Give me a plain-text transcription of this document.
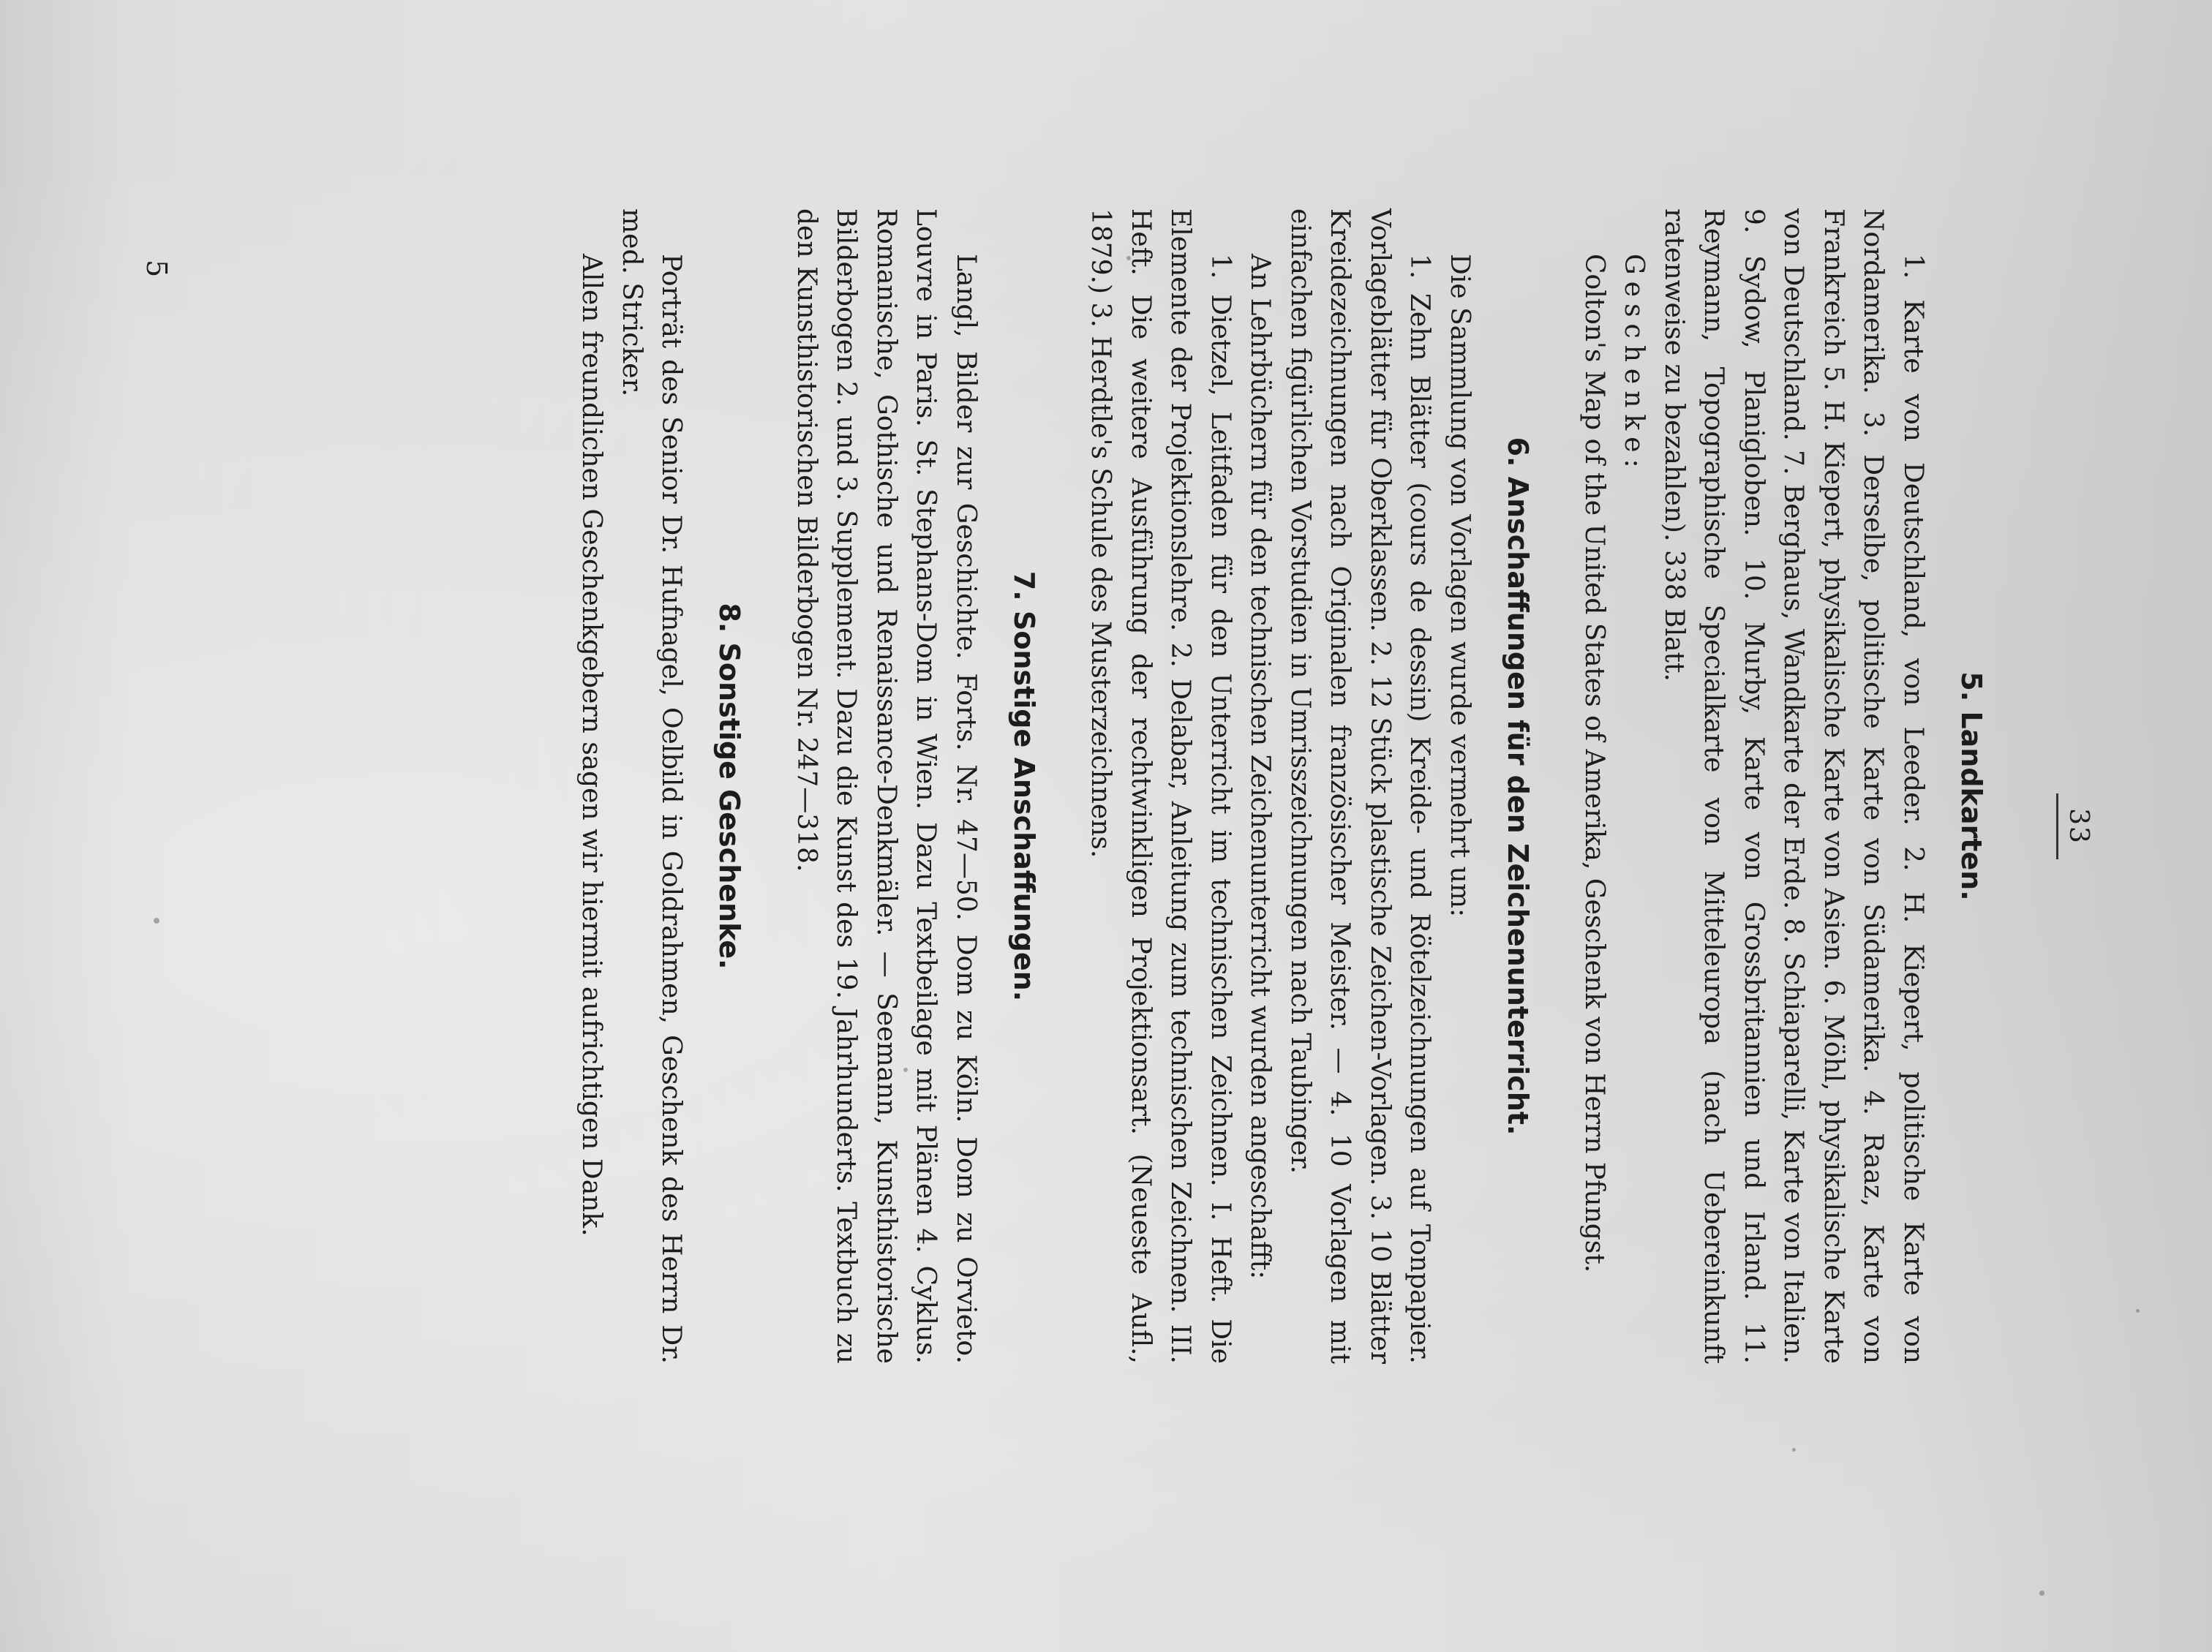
33
5. Landkarten.

1. Karte von Deutschland, von Leeder. 2. H. Kiepert, politische Karte von Nordamerika. 3. Derselbe, politische Karte von Südamerika. 4. Raaz, Karte von Frankreich 5. H. Kiepert, physikalische Karte von Asien. 6. Möhl, physikalische Karte von Deutschland. 7. Berghaus, Wandkarte der Erde. 8. Schiaparelli, Karte von Italien. 9. Sydow, Planigloben. 10. Murby, Karte von Grossbritannien und Irland. 11. Reymann, Topographische Specialkarte von Mitteleuropa (nach Uebereinkunft ratenweise zu bezahlen). 338 Blatt.

Geschenke:

Colton's Map of the United States of Amerika, Geschenk von Herrn Pfungst.

6. Anschaffungen für den Zeichenunterricht.

Die Sammlung von Vorlagen wurde vermehrt um:

1. Zehn Blätter (cours de dessin) Kreide- und Rötelzeichnungen auf Tonpapier. Vorlageblätter für Oberklassen. 2. 12 Stück plastische Zeichen-Vorlagen. 3. 10 Blätter Kreidezeichnungen nach Originalen französischer Meister. — 4. 10 Vorlagen mit einfachen figürlichen Vorstudien in Umrisszeichnungen nach Taubinger.

An Lehrbüchern für den technischen Zeichenunterricht wurden angeschafft:

1. Dietzel, Leitfaden für den Unterricht im technischen Zeichnen. I. Heft. Die Elemente der Projektionslehre. 2. Delabar, Anleitung zum technischen Zeichnen. III. Heft. Die weitere Ausführung der rechtwinkligen Projektionsart. (Neueste Aufl., 1879.) 3. Herdtle's Schule des Musterzeichnens.

7. Sonstige Anschaffungen.

Langl, Bilder zur Geschichte. Forts. Nr. 47—50. Dom zu Köln. Dom zu Orvieto. Louvre in Paris. St. Stephans-Dom in Wien. Dazu Textbeilage mit Plänen 4. Cyklus. Romanische, Gothische und Renaissance-Denkmäler. — Seemann, Kunsthistorische Bilderbogen 2. und 3. Supplement. Dazu die Kunst des 19. Jahrhunderts. Textbuch zu den Kunsthistorischen Bilderbogen Nr. 247—318.

8. Sonstige Geschenke.

Porträt des Senior Dr. Hufnagel, Oelbild in Goldrahmen, Geschenk des Herrn Dr. med. Stricker.

Allen freundlichen Geschenkgebern sagen wir hiermit aufrichtigen Dank.

5
